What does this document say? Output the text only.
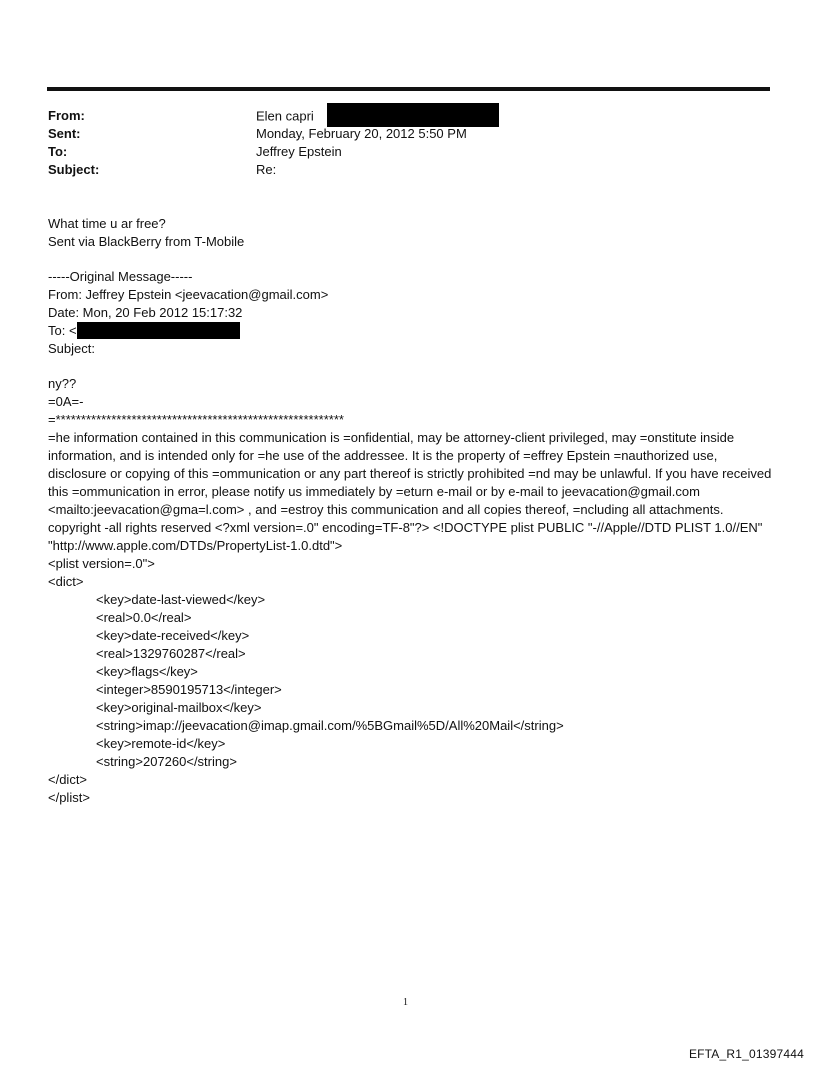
From:	Elen capri
Sent:	Monday, February 20, 2012 5:50 PM
To:	Jeffrey Epstein
Subject:	Re:
What time u ar free?
Sent via BlackBerry from T-Mobile
-----Original Message-----
From: Jeffrey Epstein <jeevacation@gmail.com>
Date: Mon, 20 Feb 2012 15:17:32
To: <
Subject:
ny??
=0A=-
=*********************************************************
=he information contained in this communication is =onfidential, may be attorney-client privileged, may =onstitute inside information, and is intended only for =he use of the addressee. It is the property of =effrey Epstein =nauthorized use, disclosure or copying of this =ommunication or any part thereof is strictly prohibited =nd may be unlawful. If you have received this =ommunication in error, please notify us immediately by =eturn e-mail or by e-mail to jeevacation@gmail.com <mailto:jeevacation@gma=l.com> , and =estroy this communication and all copies thereof, =ncluding all attachments. copyright -all rights reserved <?xml version=.0" encoding=TF-8"?> <!DOCTYPE plist PUBLIC "-//Apple//DTD PLIST 1.0//EN" "http://www.apple.com/DTDs/PropertyList-1.0.dtd">
<plist version=.0">
<dict>
<key>date-last-viewed</key>
<real>0.0</real>
<key>date-received</key>
<real>1329760287</real>
<key>flags</key>
<integer>8590195713</integer>
<key>original-mailbox</key>
<string>imap://jeevacation@imap.gmail.com/%5BGmail%5D/All%20Mail</string>
<key>remote-id</key>
<string>207260</string>
</dict>
</plist>
1
EFTA_R1_01397444
